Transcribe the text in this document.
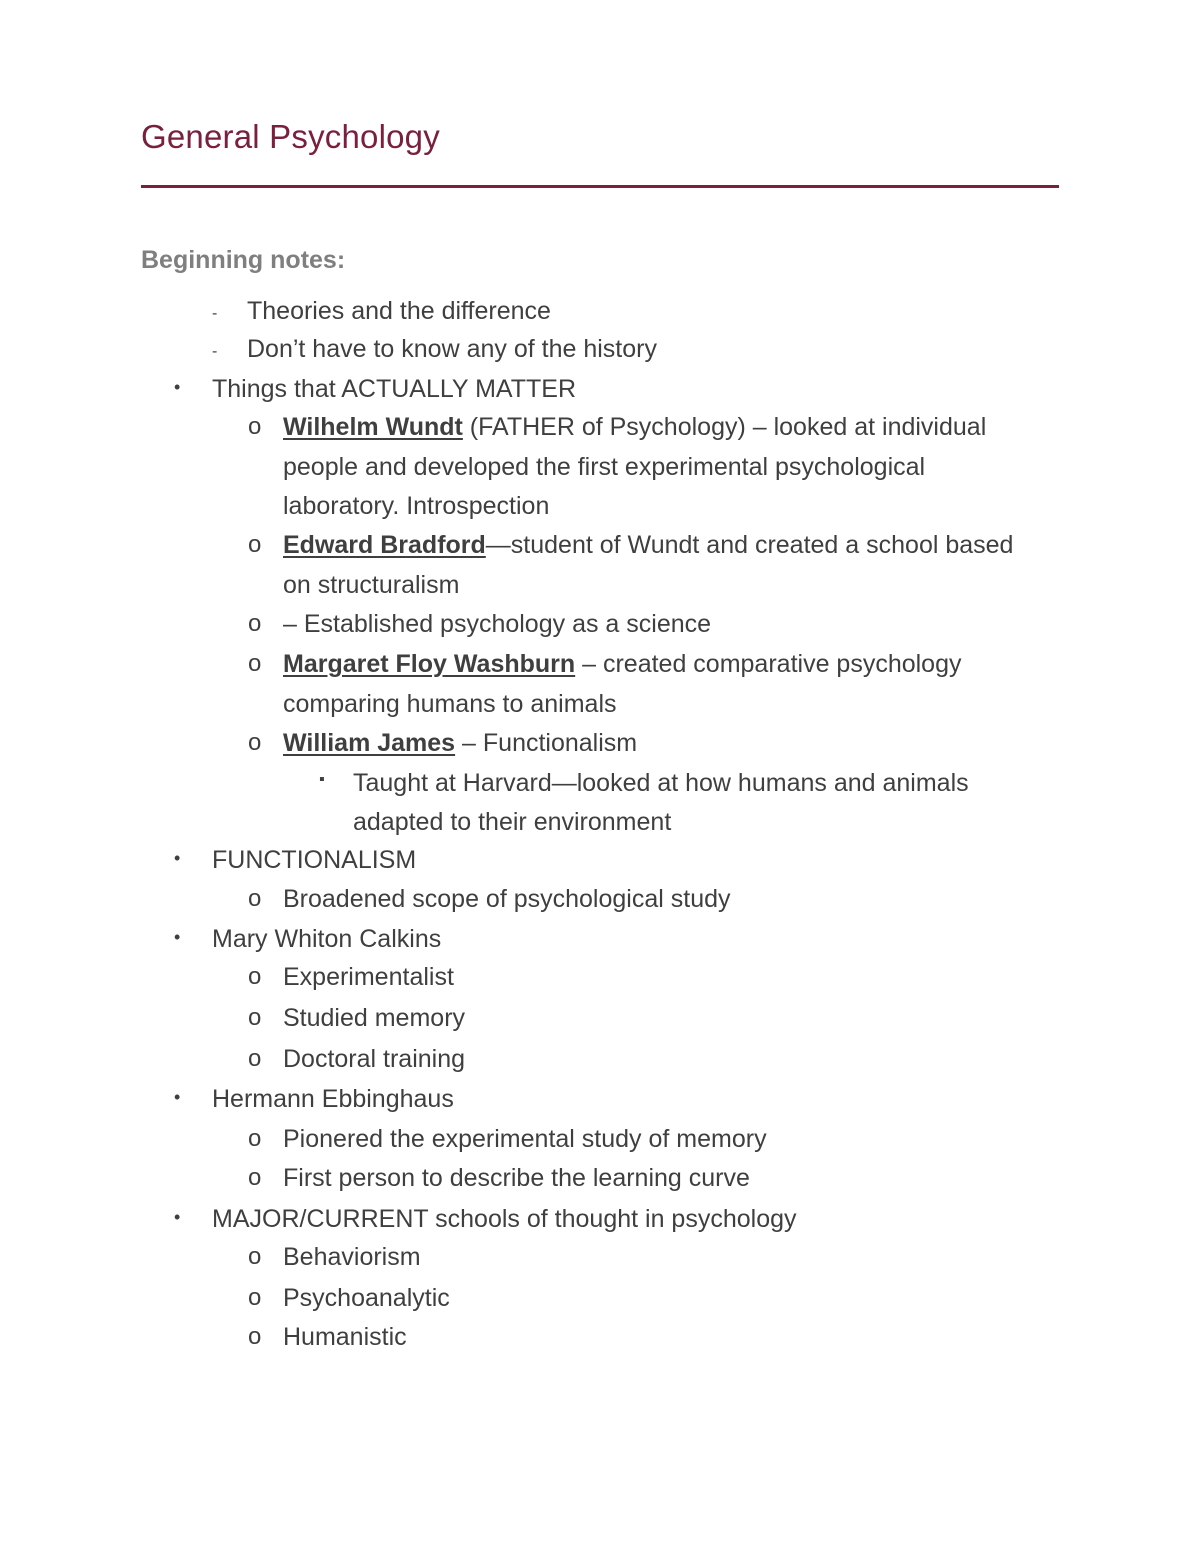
General Psychology
Beginning notes:
- Theories and the difference
- Don’t have to know any of the history
• Things that ACTUALLY MATTER
o Wilhelm Wundt (FATHER of Psychology) – looked at individual
people and developed the first experimental psychological
laboratory. Introspection
o Edward Bradford—student of Wundt and created a school based
on structuralism
o – Established psychology as a science
o Margaret Floy Washburn – created comparative psychology
comparing humans to animals
o William James – Functionalism
▪ Taught at Harvard—looked at how humans and animals
adapted to their environment
• FUNCTIONALISM
o Broadened scope of psychological study
• Mary Whiton Calkins
o Experimentalist
o Studied memory
o Doctoral training
• Hermann Ebbinghaus
o Pionered the experimental study of memory
o First person to describe the learning curve
• MAJOR/CURRENT schools of thought in psychology
o Behaviorism
o Psychoanalytic
o Humanistic
